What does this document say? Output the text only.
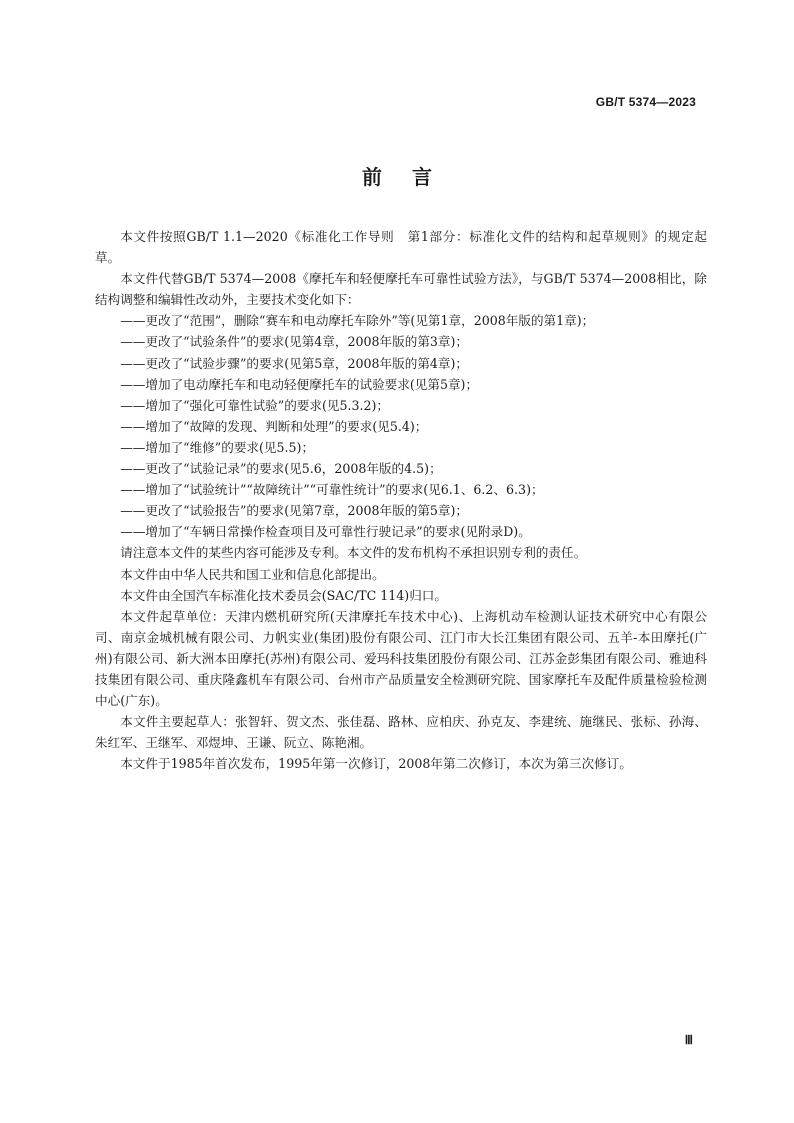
GB/T 5374—2023
前 言

本文件按照GB/T 1.1—2020《标准化工作导则　第1部分：标准化文件的结构和起草规则》的规定起草。

本文件代替GB/T 5374—2008《摩托车和轻便摩托车可靠性试验方法》，与GB/T 5374—2008相比，除结构调整和编辑性改动外，主要技术变化如下：

——更改了“范围”，删除“赛车和电动摩托车除外”等(见第1章，2008年版的第1章)；

——更改了“试验条件”的要求(见第4章，2008年版的第3章)；

——更改了“试验步骤”的要求(见第5章，2008年版的第4章)；

——增加了电动摩托车和电动轻便摩托车的试验要求(见第5章)；

——增加了“强化可靠性试验”的要求(见5.3.2)；

——增加了“故障的发现、判断和处理”的要求(见5.4)；

——增加了“维修”的要求(见5.5)；

——更改了“试验记录”的要求(见5.6，2008年版的4.5)；

——增加了“试验统计”“故障统计”“可靠性统计”的要求(见6.1、6.2、6.3)；

——更改了“试验报告”的要求(见第7章，2008年版的第5章)；

——增加了“车辆日常操作检查项目及可靠性行驶记录”的要求(见附录D)。

请注意本文件的某些内容可能涉及专利。本文件的发布机构不承担识别专利的责任。

本文件由中华人民共和国工业和信息化部提出。

本文件由全国汽车标准化技术委员会(SAC/TC 114)归口。

本文件起草单位：天津内燃机研究所(天津摩托车技术中心)、上海机动车检测认证技术研究中心有限公司、南京金城机械有限公司、力帆实业(集团)股份有限公司、江门市大长江集团有限公司、五羊-本田摩托(广州)有限公司、新大洲本田摩托(苏州)有限公司、爱玛科技集团股份有限公司、江苏金彭集团有限公司、雅迪科技集团有限公司、重庆隆鑫机车有限公司、台州市产品质量安全检测研究院、国家摩托车及配件质量检验检测中心(广东)。

本文件主要起草人：张智轩、贺文杰、张佳磊、路林、应柏庆、孙克友、李建统、施继民、张标、孙海、朱红军、王继军、邓煜坤、王谦、阮立、陈艳湘。

本文件于1985年首次发布，1995年第一次修订，2008年第二次修订，本次为第三次修订。

Ⅲ
